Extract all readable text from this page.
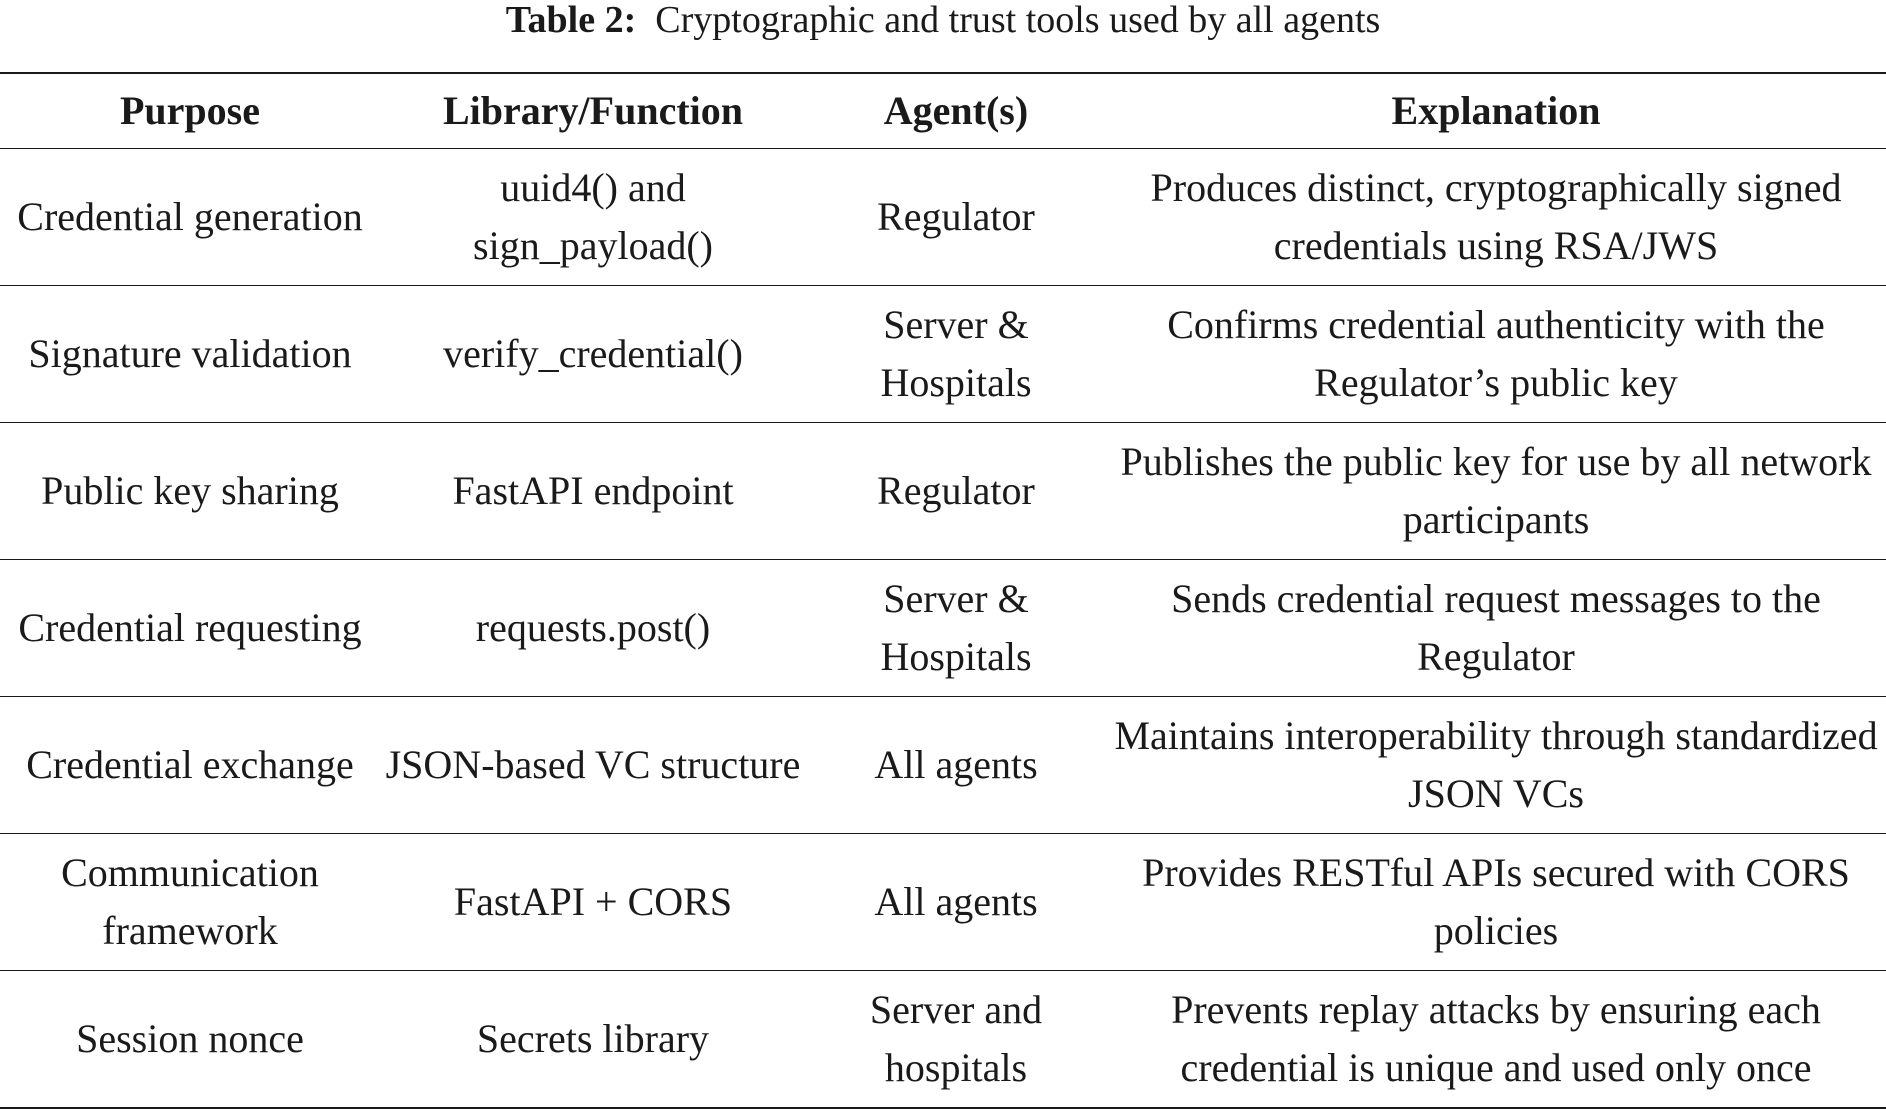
Table 2: Cryptographic and trust tools used by all agents
Purpose	Library/Function	Agent(s)	Explanation
Credential generation	uuid4() and sign_payload()	Regulator	Produces distinct, cryptographically signed credentials using RSA/JWS
Signature validation	verify_credential()	Server & Hospitals	Confirms credential authenticity with the Regulator’s public key
Public key sharing	FastAPI endpoint	Regulator	Publishes the public key for use by all network participants
Credential requesting	requests.post()	Server & Hospitals	Sends credential request messages to the Regulator
Credential exchange	JSON-based VC structure	All agents	Maintains interoperability through standardized JSON VCs
Communication framework	FastAPI + CORS	All agents	Provides RESTful APIs secured with CORS policies
Session nonce	Secrets library	Server and hospitals	Prevents replay attacks by ensuring each credential is unique and used only once
